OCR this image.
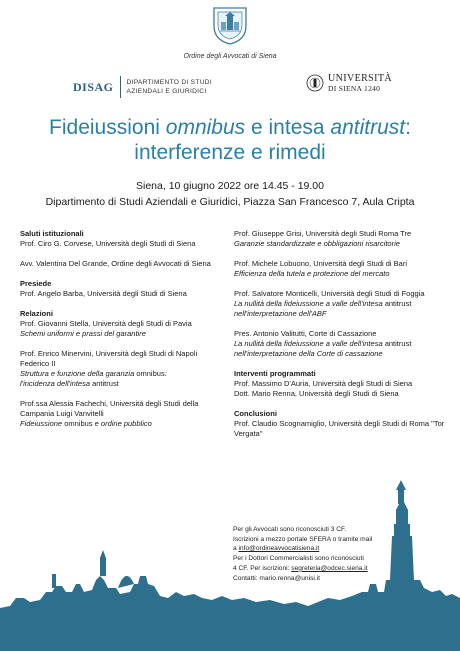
Ordine degli Avvocati di Siena
DISAG DIPARTIMENTO DI STUDI
AZIENDALI E GIURIDICI
UNIVERSITÀ
DI SIENA 1240
Fideiussioni omnibus e intesa antitrust:
interferenze e rimedi
Siena, 10 giugno 2022 ore 14.45 - 19.00
Dipartimento di Studi Aziendali e Giuridici, Piazza San Francesco 7, Aula Cripta
Saluti istituzionali
Prof. Ciro G. Corvese, Università degli Studi di Siena
Avv. Valentina Del Grande, Ordine degli Avvocati di Siena
Presiede
Prof. Angelo Barba, Università degli Studi di Siena
Relazioni
Prof. Giovanni Stella, Università degli Studi di Pavia
Schemi uniformi e prassi del garantire
Prof. Enrico Minervini, Università degli Studi di Napoli Federico II
Struttura e funzione della garanzia omnibus:
l'incidenza dell'intesa antitrust
Prof.ssa Alessia Fachechi, Università degli Studi della Campania Luigi Vanvitelli
Fideiussione omnibus e ordine pubblico
Prof. Giuseppe Grisi, Università degli Studi Roma Tre
Garanzie standardizzate e obbligazioni risarcitorie
Prof. Michele Lobuono, Università degli Studi di Bari
Efficienza della tutela e protezione del mercato
Prof. Salvatore Monticelli, Università degli Studi di Foggia
La nullità della fideiussione a valle dell'intesa antitrust
nell'interpretazione dell'ABF
Pres. Antonio Valitutti, Corte di Cassazione
La nullità della fideiussione a valle dell'intesa antitrust
nell'interpretazione della Corte di cassazione
Interventi programmati
Prof. Massimo D'Auria, Università degli Studi di Siena
Dott. Mario Renna, Università degli Studi di Siena
Conclusioni
Prof. Claudio Scognamiglio, Università degli Studi di Roma "Tor Vergata"
Per gli Avvocati sono riconosciuti 3 CF.
Iscrizioni a mezzo portale SFERA o tramite mail
a info@ordineavvocatisiena.it
Per i Dottori Commercialisti sono riconosciuti
4 CF. Per iscrizioni: segreteria@odcec.siena.it
Contatti: mario.renna@unisi.it
